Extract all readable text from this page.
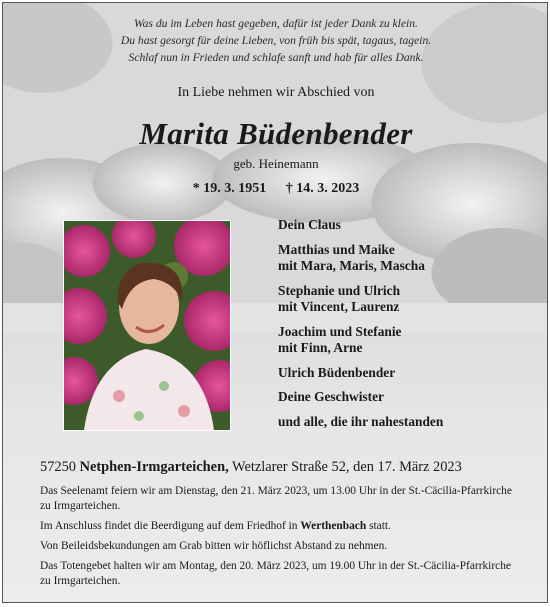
Was du im Leben hast gegeben, dafür ist jeder Dank zu klein.
Du hast gesorgt für deine Lieben, von früh bis spät, tagaus, tagein.
Schlaf nun in Frieden und schlafe sanft und hab für alles Dank.
In Liebe nehmen wir Abschied von
Marita Büdenbender
geb. Heinemann
* 19. 3. 1951 † 14. 3. 2023
Dein Claus
Matthias und Maike
mit Mara, Maris, Mascha
Stephanie und Ulrich
mit Vincent, Laurenz
Joachim und Stefanie
mit Finn, Arne
Ulrich Büdenbender
Deine Geschwister
und alle, die ihr nahestanden
57250 Netphen-Irmgarteichen, Wetzlarer Straße 52, den 17. März 2023

Das Seelenamt feiern wir am Dienstag, den 21. März 2023, um 13.00 Uhr in der St.-Cäcilia-Pfarrkirche zu Irmgarteichen.

Im Anschluss findet die Beerdigung auf dem Friedhof in Werthenbach statt.

Von Beileidsbekundungen am Grab bitten wir höflichst Abstand zu nehmen.

Das Totengebet halten wir am Montag, den 20. März 2023, um 19.00 Uhr in der St.-Cäcilia-Pfarrkirche zu Irmgarteichen.
